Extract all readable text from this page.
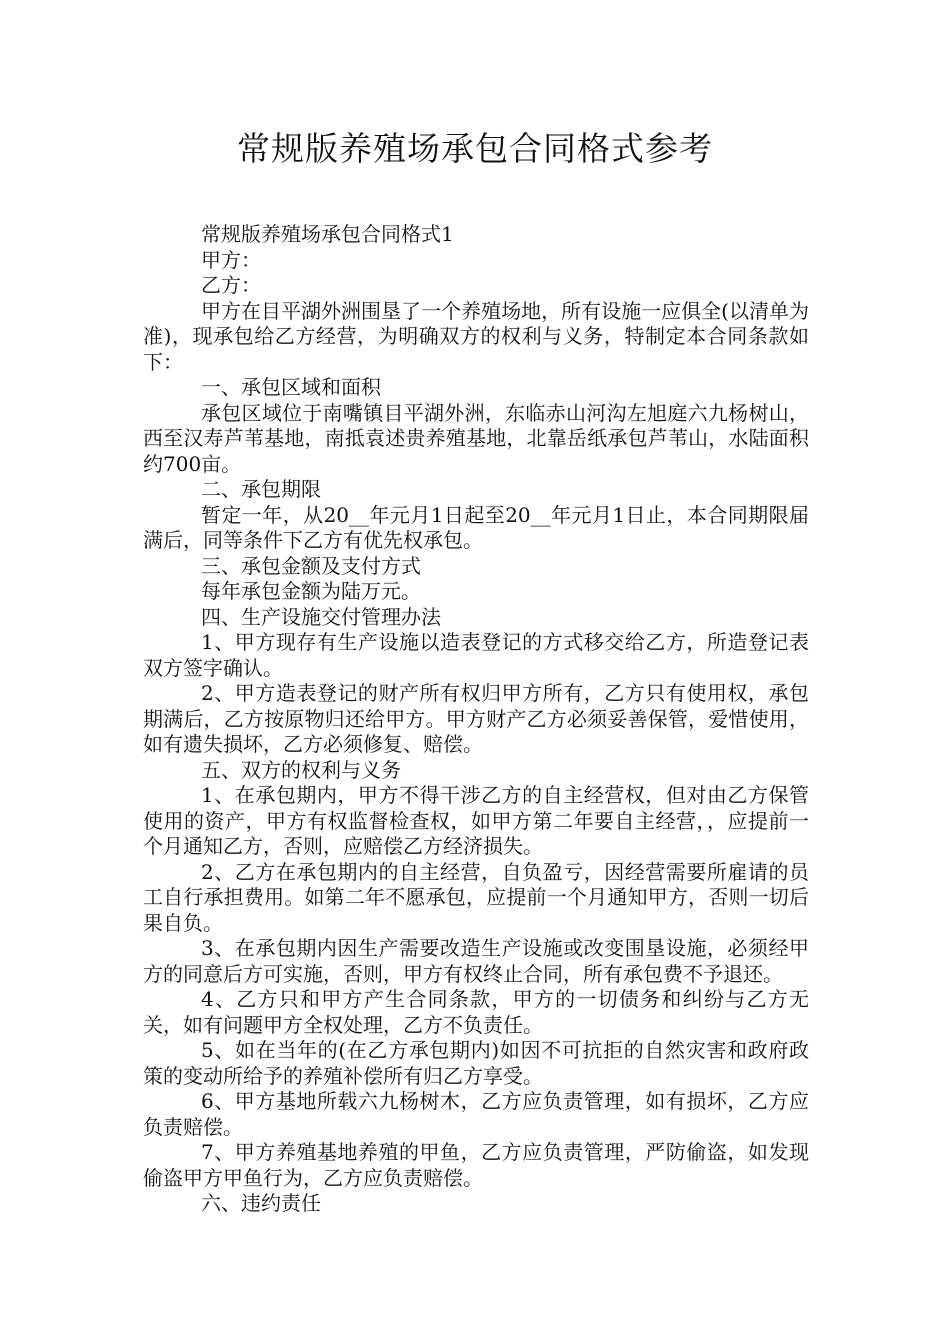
常规版养殖场承包合同格式参考

常规版养殖场承包合同格式1

甲方：

乙方：

甲方在目平湖外洲围垦了一个养殖场地，所有设施一应俱全(以清单为准)，现承包给乙方经营，为明确双方的权利与义务，特制定本合同条款如下：

一、承包区域和面积

承包区域位于南嘴镇目平湖外洲，东临赤山河沟左旭庭六九杨树山，西至汉寿芦苇基地，南抵袁述贵养殖基地，北靠岳纸承包芦苇山，水陆面积约700亩。

二、承包期限

暂定一年，从20__年元月1日起至20__年元月1日止，本合同期限届满后，同等条件下乙方有优先权承包。

三、承包金额及支付方式

每年承包金额为陆万元。

四、生产设施交付管理办法

1、甲方现存有生产设施以造表登记的方式移交给乙方，所造登记表双方签字确认。

2、甲方造表登记的财产所有权归甲方所有，乙方只有使用权，承包期满后，乙方按原物归还给甲方。甲方财产乙方必须妥善保管，爱惜使用，如有遗失损坏，乙方必须修复、赔偿。

五、双方的权利与义务

1、在承包期内，甲方不得干涉乙方的自主经营权，但对由乙方保管使用的资产，甲方有权监督检查权，如甲方第二年要自主经营，，应提前一个月通知乙方，否则，应赔偿乙方经济损失。

2、乙方在承包期内的自主经营，自负盈亏，因经营需要所雇请的员工自行承担费用。如第二年不愿承包，应提前一个月通知甲方，否则一切后果自负。

3、在承包期内因生产需要改造生产设施或改变围垦设施，必须经甲方的同意后方可实施，否则，甲方有权终止合同，所有承包费不予退还。

4、乙方只和甲方产生合同条款，甲方的一切债务和纠纷与乙方无关，如有问题甲方全权处理，乙方不负责任。

5、如在当年的(在乙方承包期内)如因不可抗拒的自然灾害和政府政策的变动所给予的养殖补偿所有归乙方享受。

6、甲方基地所载六九杨树木，乙方应负责管理，如有损坏，乙方应负责赔偿。

7、甲方养殖基地养殖的甲鱼，乙方应负责管理，严防偷盗，如发现偷盗甲方甲鱼行为，乙方应负责赔偿。

六、违约责任
